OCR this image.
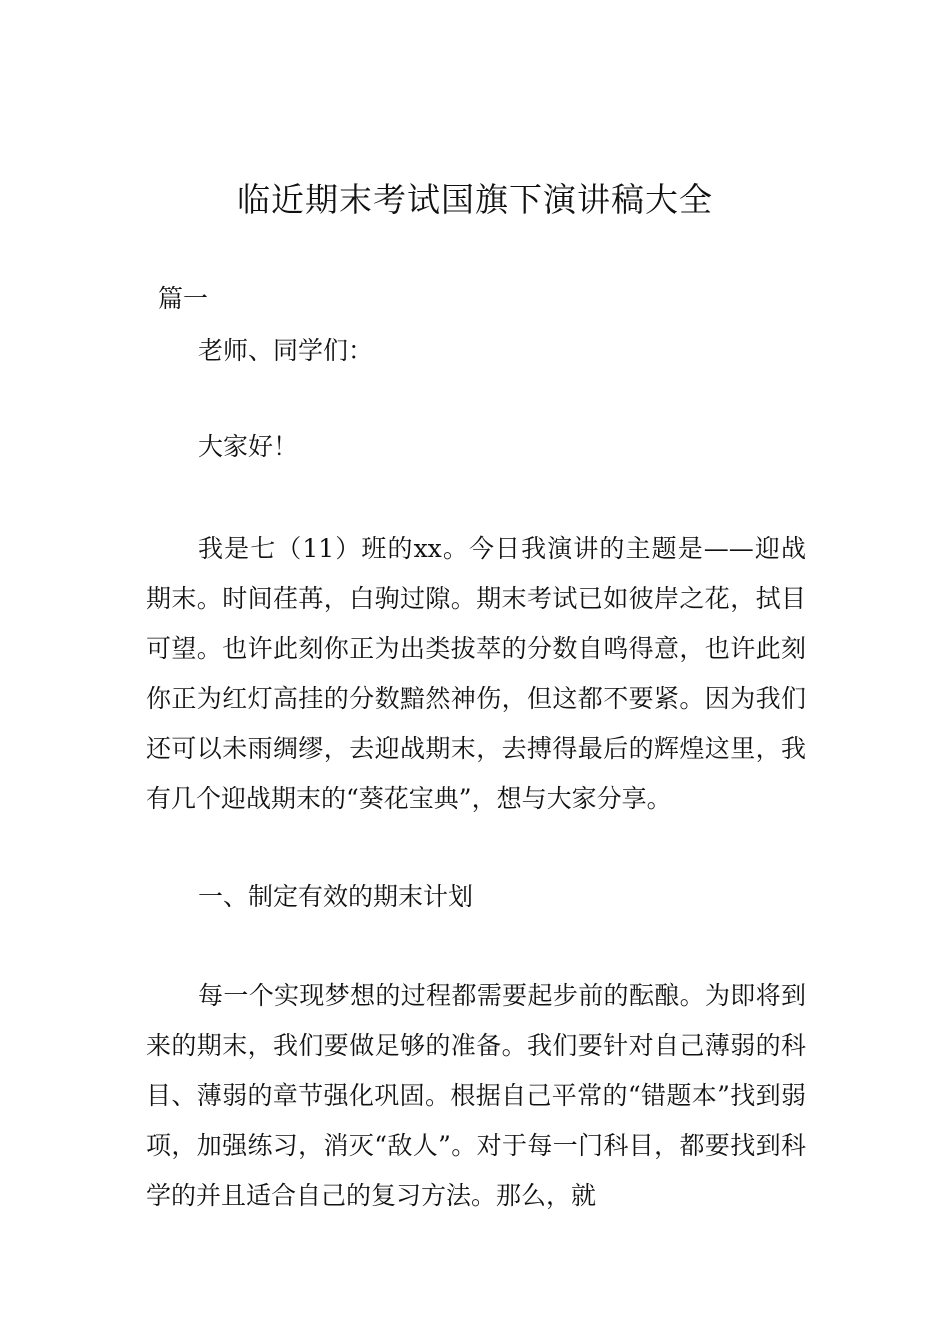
临近期末考试国旗下演讲稿大全

篇一

老师、同学们：

大家好！

我是七（11）班的xx。今日我演讲的主题是——迎战期末。时间荏苒，白驹过隙。期末考试已如彼岸之花，拭目可望。也许此刻你正为出类拔萃的分数自鸣得意，也许此刻你正为红灯高挂的分数黯然神伤，但这都不要紧。因为我们还可以未雨绸缪，去迎战期末，去搏得最后的辉煌这里，我有几个迎战期末的“葵花宝典”，想与大家分享。

一、制定有效的期末计划

每一个实现梦想的过程都需要起步前的酝酿。为即将到来的期末，我们要做足够的准备。我们要针对自己薄弱的科目、薄弱的章节强化巩固。根据自己平常的“错题本”找到弱项，加强练习，消灭“敌人”。对于每一门科目，都要找到科学的并且适合自己的复习方法。那么，就
